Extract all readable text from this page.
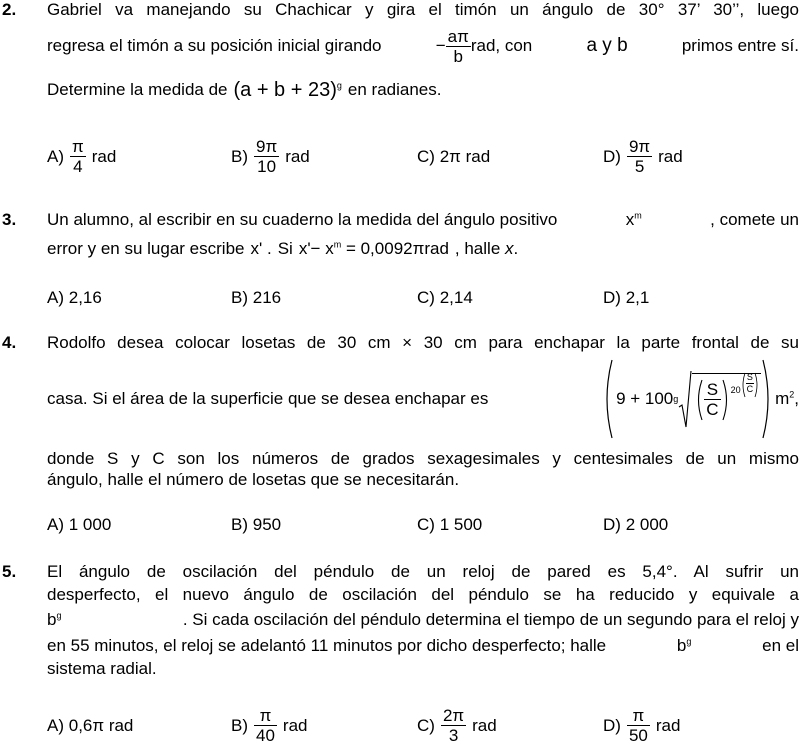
2. Gabriel va manejando su Chachicar y gira el timón un ángulo de 30° 37’ 30’’, luego
regresa el timón a su posición inicial girando	− $\frac{a\pi}{b}$ rad , con	a y b	primos entre sí.
Determine la medida de $(a + b + 23)^g$ en radianes.
$A) \frac{\pi}{4}$ rad	$B) \frac{9\pi}{10}$ rad	C) 2π rad	$D) \frac{9\pi}{5}$ rad
3. Un alumno, al escribir en su cuaderno la medida del ángulo positivo	$x^m$	, comete un
error y en su lugar escribe x' . Si $x'- x^m = 0,0092\pi rad$ , halle x.
A) 2,16	B) 216	C) 2,14	D) 2,1
4. Rodolfo desea colocar losetas de 30 cm × 30 cm para enchapar la parte frontal de su
casa. Si el área de la superficie que se desea enchapar es	9 + 100 g $\frac{S}{C} 20 \frac{S}{C}$
$m^2$,
donde S y C son los números de grados sexagesimales y centesimales de un mismo
ángulo, halle el número de losetas que se necesitarán.
A) 1 000	B) 950	C) 1 500	D) 2 000
5. El ángulo de oscilación del péndulo de un reloj de pared es 5,4°. Al sufrir un
desperfecto, el nuevo ángulo de oscilación del péndulo se ha reducido y equivale a
$b^g$	. Si cada oscilación del péndulo determina el tiempo de un segundo para el reloj y
en 55 minutos, el reloj se adelantó 11 minutos por dicho desperfecto; halle	$b^g$	en el
sistema radial.
A) 0,6π rad	$B) \frac{\pi}{40}$ rad	$C) \frac{2\pi}{3}$ rad	$D) \frac{\pi}{50}$ rad
